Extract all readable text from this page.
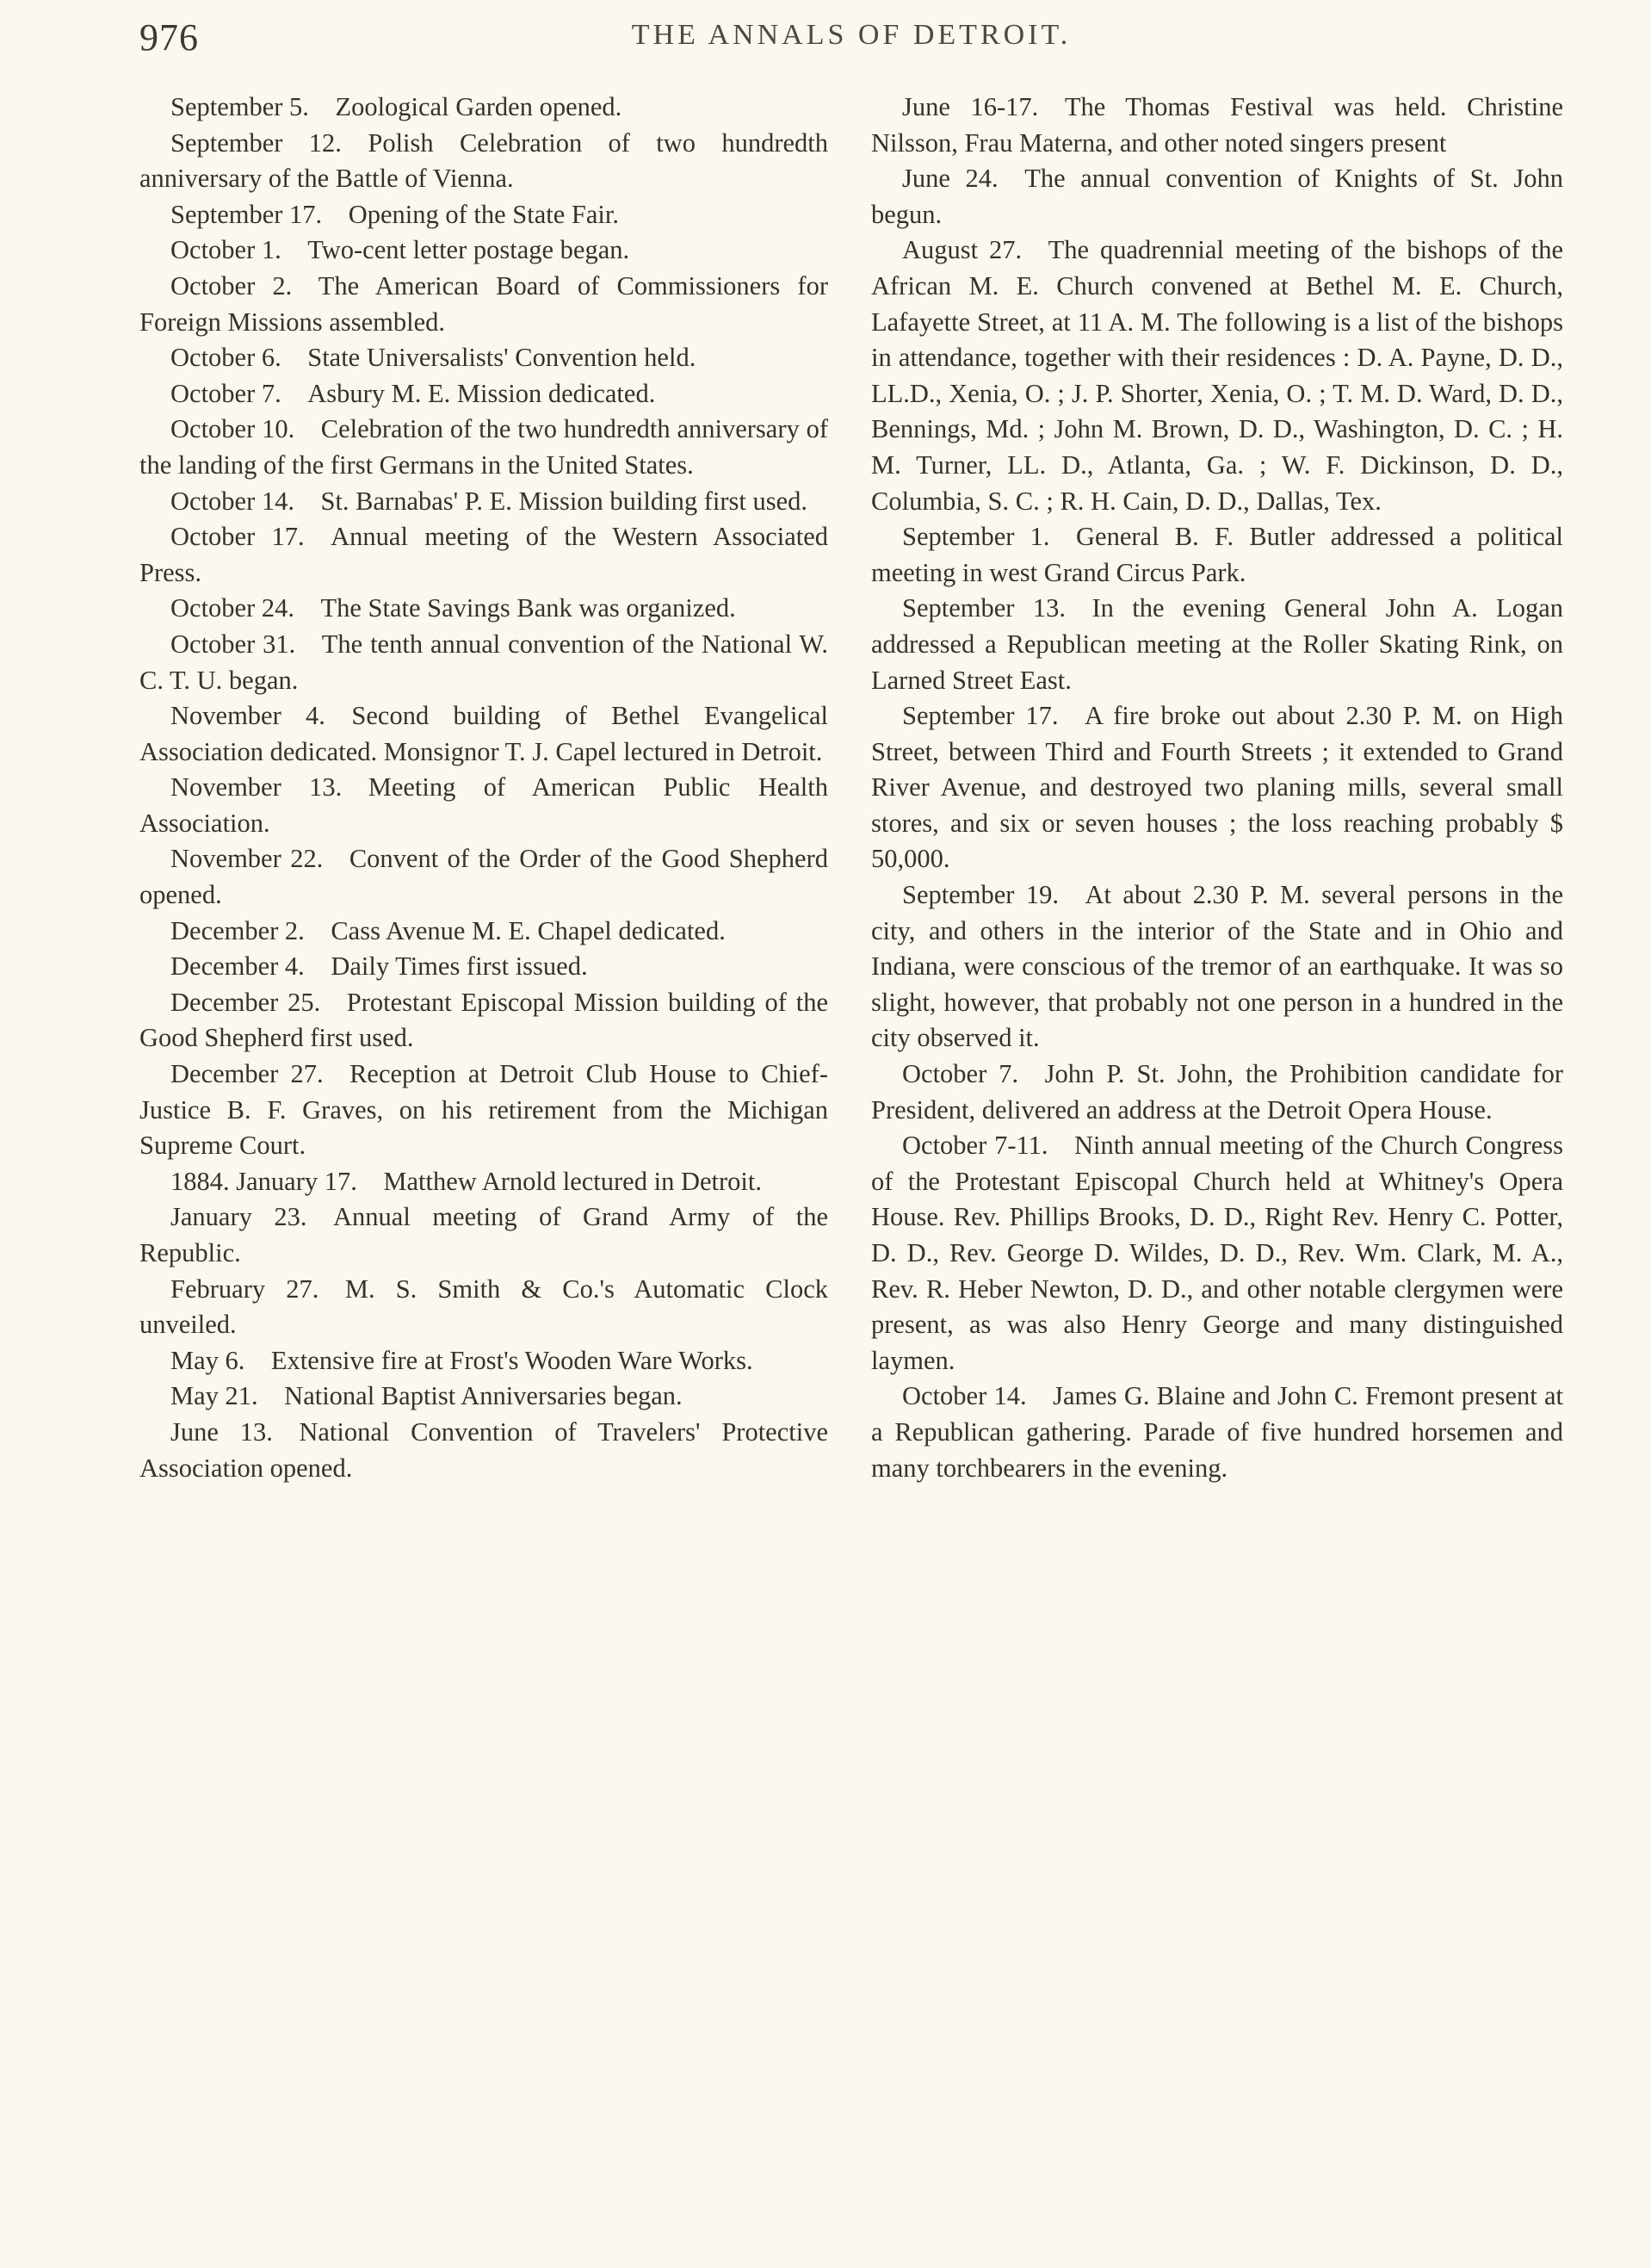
976	THE ANNALS OF DETROIT.

September 5.  Zoological Garden opened.

September 12.  Polish Celebration of two hundredth anniversary of the Battle of Vienna.

September 17.  Opening of the State Fair.

October 1.  Two-cent letter postage began.

October 2.  The American Board of Commissioners for Foreign Missions assembled.

October 6.  State Universalists' Convention held.

October 7.  Asbury M. E. Mission dedicated.

October 10.  Celebration of the two hundredth anniversary of the landing of the first Germans in the United States.

October 14.  St. Barnabas' P. E. Mission building first used.

October 17.  Annual meeting of the Western Associated Press.

October 24.  The State Savings Bank was organized.

October 31.  The tenth annual convention of the National W. C. T. U. began.

November 4.  Second building of Bethel Evangelical Association dedicated. Monsignor T. J. Capel lectured in Detroit.

November 13.  Meeting of American Public Health Association.

November 22.  Convent of the Order of the Good Shepherd opened.

December 2.  Cass Avenue M. E. Chapel dedicated.

December 4.  Daily Times first issued.

December 25.  Protestant Episcopal Mission building of the Good Shepherd first used.

December 27.  Reception at Detroit Club House to Chief-Justice B. F. Graves, on his retirement from the Michigan Supreme Court.

1884. January 17.  Matthew Arnold lectured in Detroit.

January 23.  Annual meeting of Grand Army of the Republic.

February 27.  M. S. Smith & Co.'s Automatic Clock unveiled.

May 6.  Extensive fire at Frost's Wooden Ware Works.

May 21.  National Baptist Anniversaries began.

June 13.  National Convention of Travelers' Protective Association opened.

June 16-17.  The Thomas Festival was held. Christine Nilsson, Frau Materna, and other noted singers present

June 24.  The annual convention of Knights of St. John begun.

August 27.  The quadrennial meeting of the bishops of the African M. E. Church convened at Bethel M. E. Church, Lafayette Street, at 11 A. M. The following is a list of the bishops in attendance, together with their residences : D. A. Payne, D. D., LL.D., Xenia, O. ; J. P. Shorter, Xenia, O. ; T. M. D. Ward, D. D., Bennings, Md. ; John M. Brown, D. D., Washington, D. C. ; H. M. Turner, LL. D., Atlanta, Ga. ; W. F. Dickinson, D. D., Columbia, S. C. ; R. H. Cain, D. D., Dallas, Tex.

September 1.  General B. F. Butler addressed a political meeting in west Grand Circus Park.

September 13.  In the evening General John A. Logan addressed a Republican meeting at the Roller Skating Rink, on Larned Street East.

September 17.  A fire broke out about 2.30 P. M. on High Street, between Third and Fourth Streets ; it extended to Grand River Avenue, and destroyed two planing mills, several small stores, and six or seven houses ; the loss reaching probably $ 50,000.

September 19.  At about 2.30 P. M. several persons in the city, and others in the interior of the State and in Ohio and Indiana, were conscious of the tremor of an earthquake. It was so slight, however, that probably not one person in a hundred in the city observed it.

October 7.  John P. St. John, the Prohibition candidate for President, delivered an address at the Detroit Opera House.

October 7-11.  Ninth annual meeting of the Church Congress of the Protestant Episcopal Church held at Whitney's Opera House. Rev. Phillips Brooks, D. D., Right Rev. Henry C. Potter, D. D., Rev. George D. Wildes, D. D., Rev. Wm. Clark, M. A., Rev. R. Heber Newton, D. D., and other notable clergymen were present, as was also Henry George and many distinguished laymen.

October 14.  James G. Blaine and John C. Fremont present at a Republican gathering. Parade of five hundred horsemen and many torchbearers in the evening.
